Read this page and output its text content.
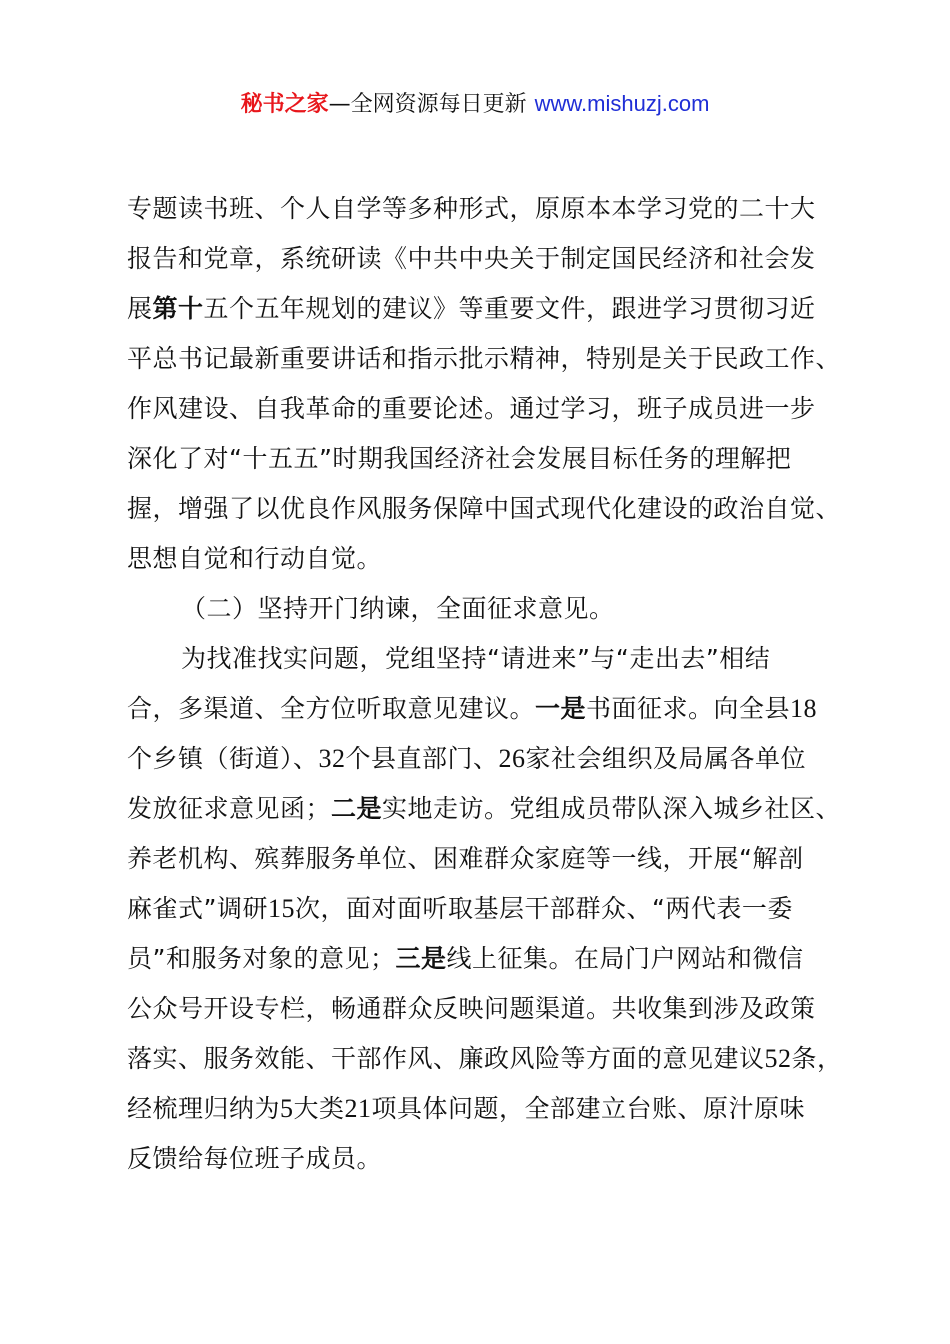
秘书之家—全网资源每日更新 www.mishuzj.com
专题读书班、个人自学等多种形式，原原本本学习党的二十大
报告和党章，系统研读《中共中央关于制定国民经济和社会发
展第十五个五年规划的建议》等重要文件，跟进学习贯彻习近
平总书记最新重要讲话和指示批示精神，特别是关于民政工作、
作风建设、自我革命的重要论述。通过学习，班子成员进一步
深化了对“十五五”时期我国经济社会发展目标任务的理解把
握，增强了以优良作风服务保障中国式现代化建设的政治自觉、
思想自觉和行动自觉。
（二）坚持开门纳谏，全面征求意见。
为找准找实问题，党组坚持“请进来”与“走出去”相结
合，多渠道、全方位听取意见建议。一是书面征求。向全县18
个乡镇（街道）、32个县直部门、26家社会组织及局属各单位
发放征求意见函；二是实地走访。党组成员带队深入城乡社区、
养老机构、殡葬服务单位、困难群众家庭等一线，开展“解剖
麻雀式”调研15次，面对面听取基层干部群众、“两代表一委
员”和服务对象的意见；三是线上征集。在局门户网站和微信
公众号开设专栏，畅通群众反映问题渠道。共收集到涉及政策
落实、服务效能、干部作风、廉政风险等方面的意见建议52条，
经梳理归纳为5大类21项具体问题，全部建立台账、原汁原味
反馈给每位班子成员。
